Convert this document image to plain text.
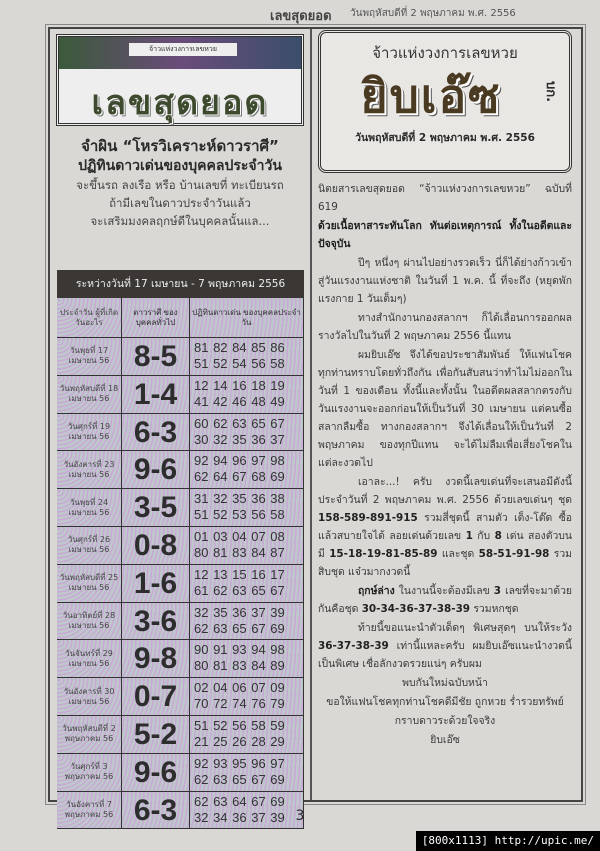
เลขสุดยอด วันพฤหัสบดีที่ 2 พฤษภาคม พ.ศ. 2556
จ้าวแห่งวงการเลขหวย
เลขสุดยอด
จำผิน “โหรวิเคราะห์ดาวราศี”
ปฏิทินดาวเด่นของบุคคลประจำวัน
จะขึ้นรถ ลงเรือ หรือ บ้านเลขที่ ทะเบียนรถ
ถ้ามีเลขในดาวประจำวันแล้ว
จะเสริมมงคลฤกษ์ดีในบุคคลนั้นแล...
ระหว่างวันที่ 17 เมษายน - 7 พฤษภาคม 2556
ประจำวัน ผู้ที่เกิดวันอะไร
ดาวราศี ของบุคคลทั่วไป
ปฏิทินดาวเด่น ของบุคคลประจำวัน
วันพุธที่ 17 เมษายน 56 8-5	81 82 84 85 86
51 52 54 56 58
วันพฤหัสบดีที่ 18 เมษายน 56 1-4	12 14 16 18 19
41 42 46 48 49
วันศุกร์ที่ 19 เมษายน 56 6-3	60 62 63 65 67
30 32 35 36 37
วันอังคารที่ 23 เมษายน 56 9-6	92 94 96 97 98
62 64 67 68 69
วันพุธที่ 24 เมษายน 56 3-5	31 32 35 36 38
51 52 53 56 58
วันศุกร์ที่ 26 เมษายน 56 0-8	01 03 04 07 08
80 81 83 84 87
วันพฤหัสบดีที่ 25 เมษายน 56 1-6	12 13 15 16 17
61 62 63 65 67
วันอาทิตย์ที่ 28 เมษายน 56 3-6	32 35 36 37 39
62 63 65 67 69
วันจันทร์ที่ 29 เมษายน 56 9-8	90 91 93 94 98
80 81 83 84 89
วันอังคารที่ 30 เมษายน 56 0-7	02 04 06 07 09
70 72 74 76 79
วันพฤหัสบดีที่ 2 พฤษภาคม 56 5-2	51 52 56 58 59
21 25 26 28 29
วันศุกร์ที่ 3 พฤษภาคม 56 9-6	92 93 95 96 97
62 63 65 67 69
วันอังคารที่ 7 พฤษภาคม 56 6-3	62 63 64 67 69
32 34 36 37 39
จ้าวแห่งวงการเลขหวย
ยิบเอ๊ซ	บก.
วันพฤหัสบดีที่ 2 พฤษภาคม พ.ศ. 2556

นิตยสารเลขสุดยอด “จ้าวแห่งวงการเลขหวย” ฉบับที่ 619

ด้วยเนื้อหาสาระทันโลก ทันต่อเหตุการณ์ ทั้งในอดีตและปัจจุบัน

ปีๆ หนึ่งๆ ผ่านไปอย่างรวดเร็ว นี่ก็ได้ย่างก้าวเข้าสู่วันแรงงานแห่งชาติ ในวันที่ 1 พ.ค. นี้ ที่จะถึง (หยุดพักแรงกาย 1 วันเต็มๆ)

ทางสำนักงานกองสลากฯ ก็ได้เลื่อนการออกผลรางวัลไปในวันที่ 2 พฤษภาคม 2556 นี้แทน

ผมยิบเอ๊ซ จึงได้ขอประชาสัมพันธ์ ให้แฟนโชคทุกท่านทราบโดยทั่วถึงกัน เพื่อกันสับสนว่าทำไมไม่ออกในวันที่ 1 ของเดือน ทั้งนี้และทั้งนั้น ในอดีตผลสลากตรงกับวันแรงงานจะออกก่อนให้เป็นวันที่ 30 เมษายน แต่คนซื้อสลากลืมซื้อ ทางกองสลากฯ จึงได้เลื่อนให้เป็นวันที่ 2 พฤษภาคม ของทุกปีแทน จะได้ไม่ลืมเพื่อเสี่ยงโชคในแต่ละงวดไป

เอาละ...! ครับ งวดนี้เลขเด่นที่จะเสนอมีดังนี้ ประจำวันที่ 2 พฤษภาคม พ.ศ. 2556 ด้วยเลขเด่นๆ ชุด 158-589-891-915 รวมสี่ชุดนี้ สามตัว เต็ง-โต๊ด ซื้อแล้วสบายใจได้ ลอยเด่นด้วยเลข 1 กับ 8 เด่น สองตัวบนมี 15-18-19-81-85-89 และชุด 58-51-91-98 รวมสิบชุด แจ๋วมากงวดนี้

ฤกษ์ล่าง ในงานนี้จะต้องมีเลข 3 เลขที่จะมาด้วยกันคือชุด 30-34-36-37-38-39 รวมหกชุด

ท้ายนี้ขอแนะนำตัวเด็ดๆ พิเศษสุดๆ บนให้ระวัง 36-37-38-39 เท่านี้แหละครับ ผมยิบเอ๊ซแนะนำงวดนี้เป็นพิเศษ เชื่อลักงวดรวยแน่ๆ ครับผม

พบกันใหม่ฉบับหน้า

ขอให้แฟนโชคทุกท่านโชคดีมีชัย ถูกหวย ร่ำรวยทรัพย์

กราบดาวระด้วยใจจริง

ยิบเอ๊ซ

3
[800x1113] http://upic.me/
